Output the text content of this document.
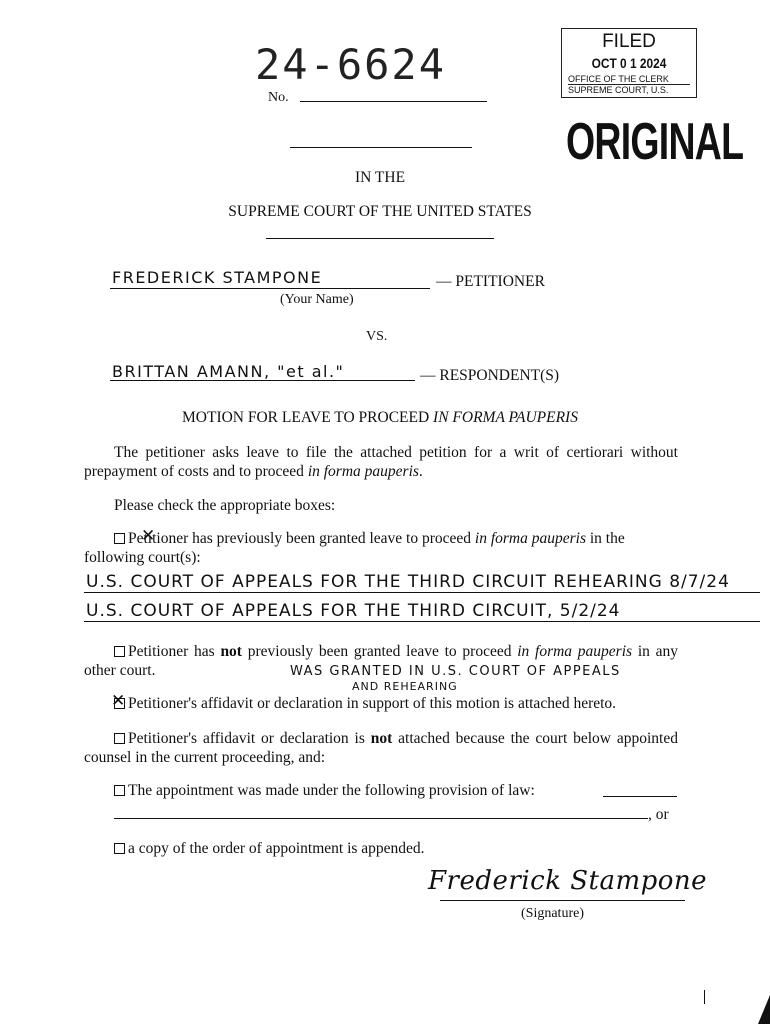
24-6624
No.
FILED
OCT 0 1 2024
OFFICE OF THE CLERK
SUPREME COURT, U.S.
ORIGINAL
IN THE
SUPREME COURT OF THE UNITED STATES
FREDERICK STAMPONE	— PETITIONER
(Your Name)
VS.
BRITTAN AMANN, "et al."	— RESPONDENT(S)
MOTION FOR LEAVE TO PROCEED IN FORMA PAUPERIS
The petitioner asks leave to file the attached petition for a writ of certiorari without prepayment of costs and to proceed in forma pauperis.
Please check the appropriate boxes:
✕Petitioner has previously been granted leave to proceed in forma pauperis in the following court(s):
U.S. COURT OF APPEALS FOR THE THIRD CIRCUIT REHEARING 8/7/24
U.S. COURT OF APPEALS FOR THE THIRD CIRCUIT, 5/2/24
Petitioner has not previously been granted leave to proceed in forma pauperis in any other court.	WAS GRANTED IN U.S. COURT OF APPEALS
AND REHEARING
✕Petitioner's affidavit or declaration in support of this motion is attached hereto.
Petitioner's affidavit or declaration is not attached because the court below appointed counsel in the current proceeding, and:
The appointment was made under the following provision of law:
, or
a copy of the order of appointment is appended.
Frederick Stampone
(Signature)
